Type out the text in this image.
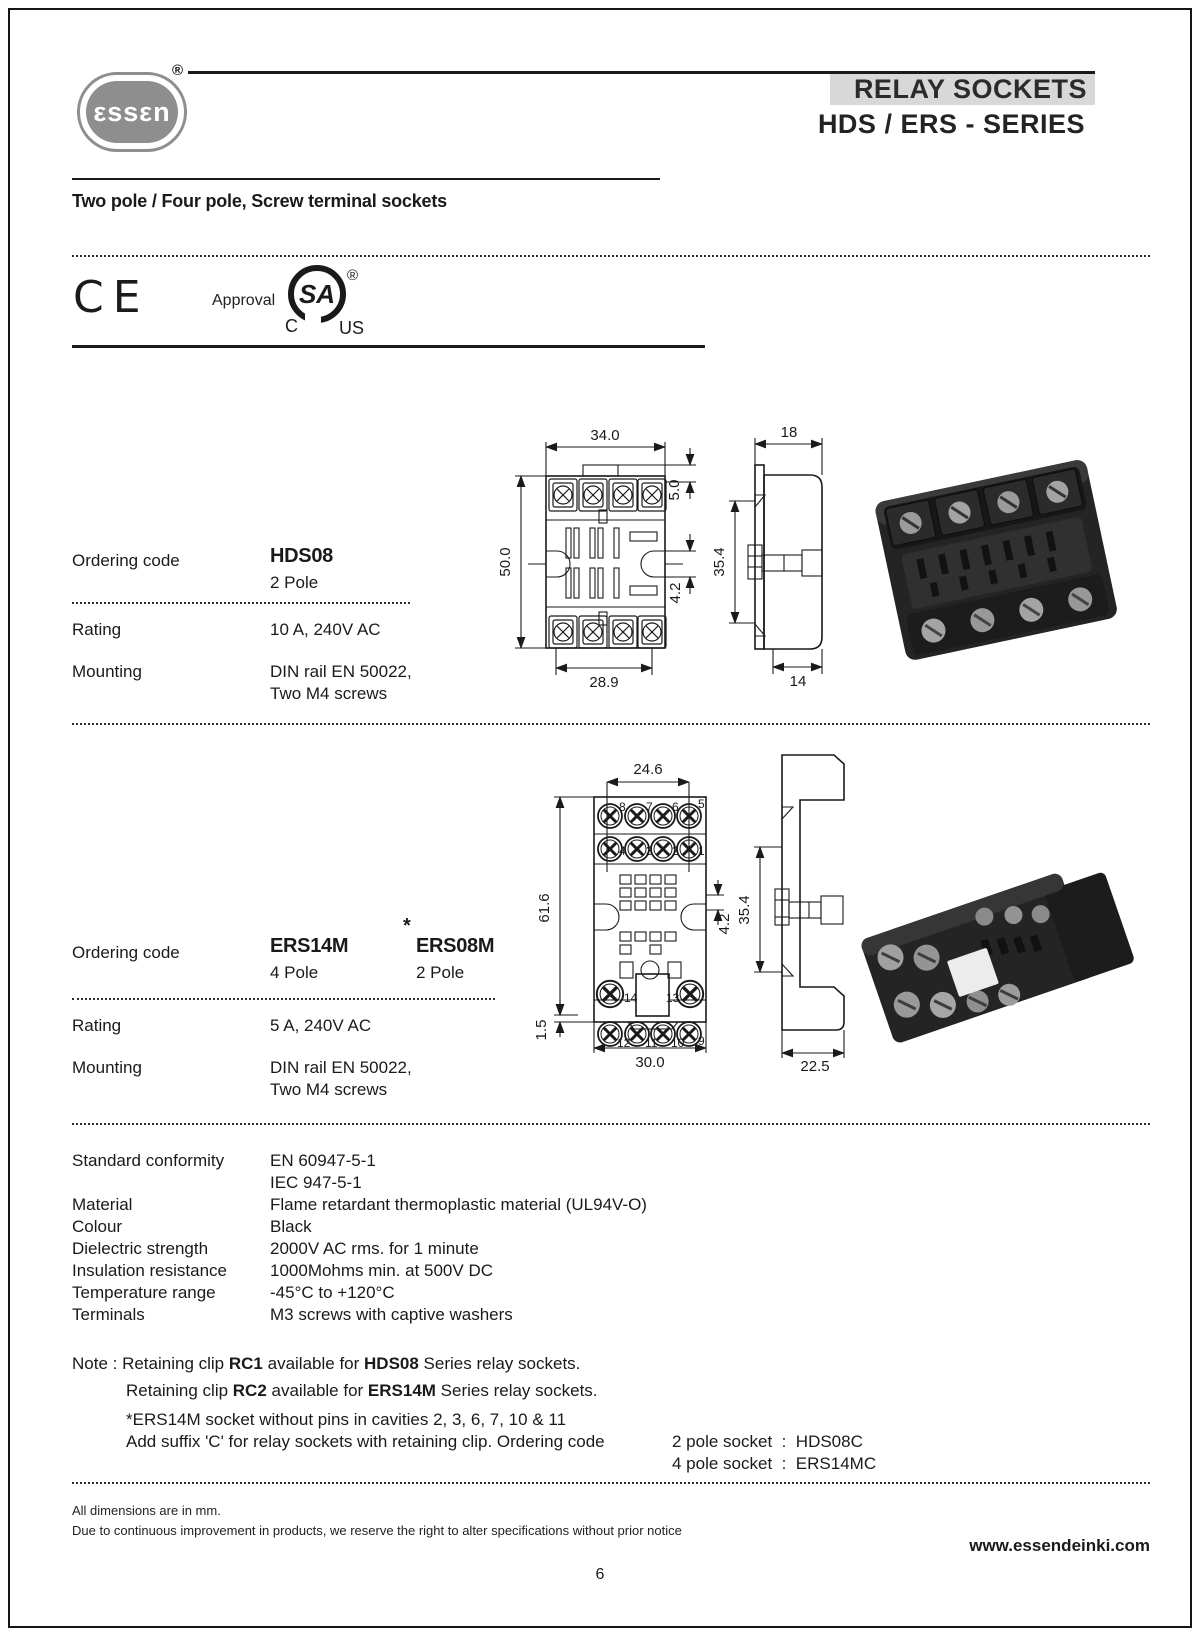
εssεn
®
RELAY SOCKETS
HDS / ERS - SERIES
Two pole / Four pole, Screw terminal sockets
CE	Approval SA
®
C US
34.0
50.0
5.0
4.2
28.9
18
35.4
14
Ordering code	HDS08
2 Pole
Rating	10 A, 240V AC
Mounting	DIN rail EN 50022,
Two M4 screws
24.6
8 7 6 5
4 3 2 1
14 13
12 11 10 9
61.6
1.5
4.2
30.0
35.4
22.5
Ordering code	ERS14M
4 Pole
*
ERS08M
2 Pole
Rating	5 A, 240V AC
Mounting	DIN rail EN 50022,
Two M4 screws
Standard conformity	EN 60947-5-1
IEC 947-5-1
Material	Flame retardant thermoplastic material (UL94V-O)
Colour	Black
Dielectric strength	2000V AC rms. for 1 minute
Insulation resistance	1000Mohms min. at 500V DC
Temperature range	-45°C to +120°C
Terminals	M3 screws with captive washers
Note : Retaining clip RC1 available for HDS08 Series relay sockets.
Retaining clip RC2 available for ERS14M Series relay sockets.
*ERS14M socket without pins in cavities 2, 3, 6, 7, 10 & 11
Add suffix 'C' for relay sockets with retaining clip. Ordering code	2 pole socket  :  HDS08C
4 pole socket  :  ERS14MC
All dimensions are in mm.
Due to continuous improvement in products, we reserve the right to alter specifications without prior notice
www.essendeinki.com
6
